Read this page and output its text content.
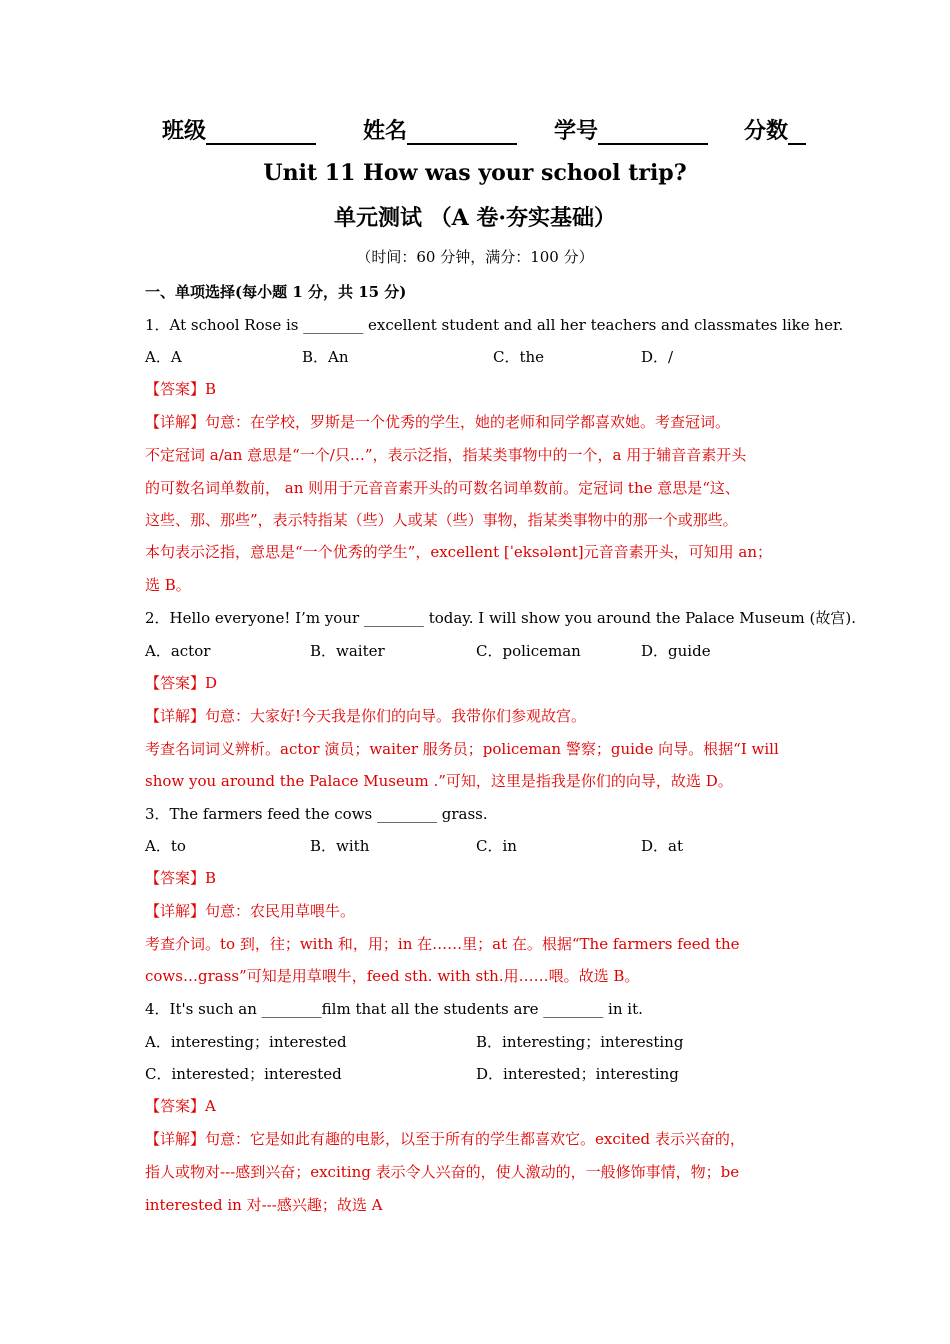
班级	姓名	学号	分数
Unit 11 How was your school trip?
单元测试 （A 卷·夯实基础）
（时间：60 分钟，满分：100 分）
一、单项选择(每小题 1 分，共 15 分)
1．At school Rose is ________ excellent student and all her teachers and classmates like her.
A．A	B．An	C．the	D．/
【答案】B
【详解】句意：在学校，罗斯是一个优秀的学生，她的老师和同学都喜欢她。考查冠词。
不定冠词 a/an 意思是“一个/只…”，表示泛指，指某类事物中的一个，a 用于辅音音素开头
的可数名词单数前， an 则用于元音音素开头的可数名词单数前。定冠词 the 意思是“这、
这些、那、那些”，表示特指某（些）人或某（些）事物，指某类事物中的那一个或那些。
本句表示泛指，意思是“一个优秀的学生”，excellent [ˈeksələnt]元音音素开头，可知用 an；
选 B。
2．Hello everyone! I’m your ________ today. I will show you around the Palace Museum (故宫).
A．actor	B．waiter	C．policeman	D．guide
【答案】D
【详解】句意：大家好!今天我是你们的向导。我带你们参观故宫。
考查名词词义辨析。actor 演员；waiter 服务员；policeman 警察；guide 向导。根据“I will
show you around the Palace Museum .”可知，这里是指我是你们的向导，故选 D。
3．The farmers feed the cows ________ grass.
A．to	B．with	C．in	D．at
【答案】B
【详解】句意：农民用草喂牛。
考查介词。to 到，往；with 和，用；in 在……里；at 在。根据“The farmers feed the
cows…grass”可知是用草喂牛，feed sth. with sth.用……喂。故选 B。
4．It's such an ________film that all the students are ________ in it.
A．interesting；interested	B．interesting；interesting
C．interested；interested	D．interested；interesting
【答案】A
【详解】句意：它是如此有趣的电影，以至于所有的学生都喜欢它。excited 表示兴奋的，
指人或物对---感到兴奋；exciting 表示令人兴奋的，使人激动的，一般修饰事情，物；be
interested in 对---感兴趣；故选 A
